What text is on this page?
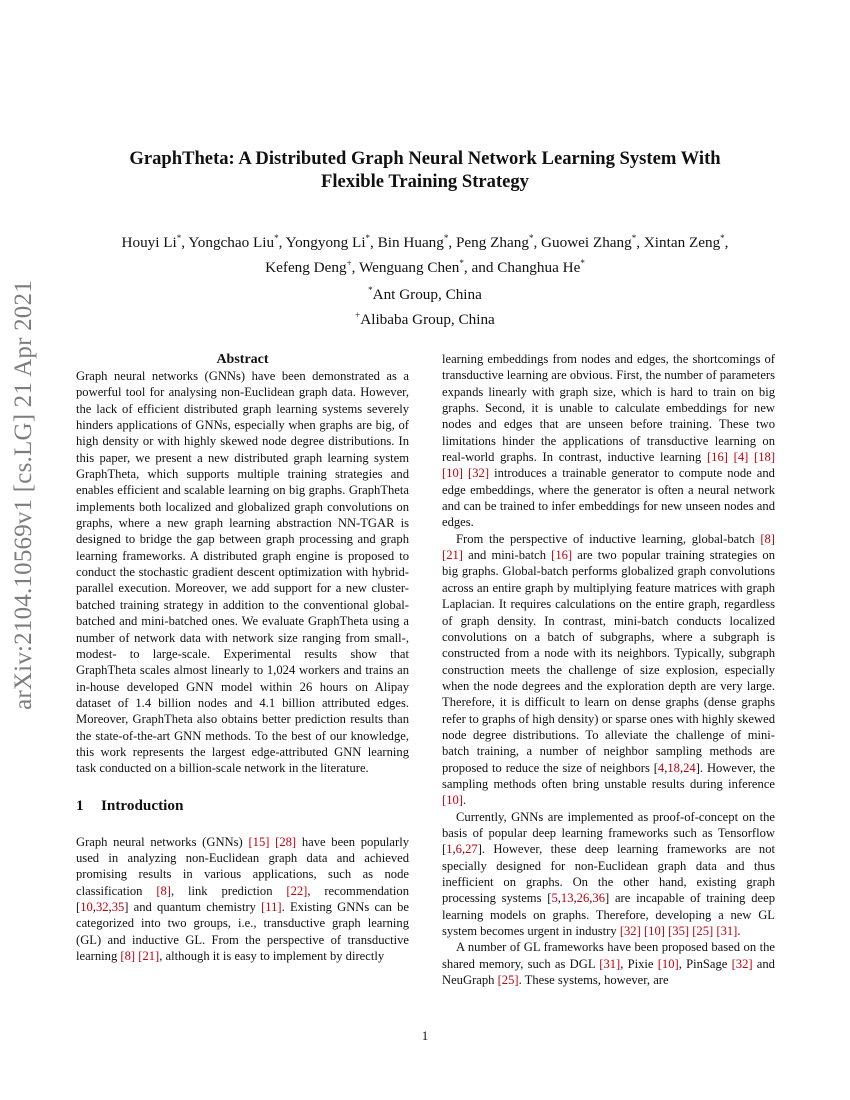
arXiv:2104.10569v1 [cs.LG] 21 Apr 2021
GraphTheta: A Distributed Graph Neural Network Learning System With
Flexible Training Strategy
Houyi Li*, Yongchao Liu*, Yongyong Li*, Bin Huang*, Peng Zhang*, Guowei Zhang*, Xintan Zeng*,
Kefeng Deng+, Wenguang Chen*, and Changhua He*
*Ant Group, China
+Alibaba Group, China
Abstract

Graph neural networks (GNNs) have been demonstrated as a powerful tool for analysing non-Euclidean graph data. However, the lack of efficient distributed graph learning systems severely hinders applications of GNNs, especially when graphs are big, of high density or with highly skewed node degree distributions. In this paper, we present a new distributed graph learning system GraphTheta, which supports multiple training strategies and enables efficient and scalable learning on big graphs. GraphTheta implements both localized and globalized graph convolutions on graphs, where a new graph learning abstraction NN-TGAR is designed to bridge the gap between graph processing and graph learning frameworks. A distributed graph engine is proposed to conduct the stochastic gradient descent optimization with hybrid-parallel execution. Moreover, we add support for a new cluster-batched training strategy in addition to the conventional global-batched and mini-batched ones. We evaluate GraphTheta using a number of network data with network size ranging from small-, modest- to large-scale. Experimental results show that GraphTheta scales almost linearly to 1,024 workers and trains an in-house developed GNN model within 26 hours on Alipay dataset of 1.4 billion nodes and 4.1 billion attributed edges. Moreover, GraphTheta also obtains better prediction results than the state-of-the-art GNN methods. To the best of our knowledge, this work represents the largest edge-attributed GNN learning task conducted on a billion-scale network in the literature.

1 Introduction

Graph neural networks (GNNs) [15] [28] have been popularly used in analyzing non-Euclidean graph data and achieved promising results in various applications, such as node classification [8], link prediction [22], recommendation [10,32,35] and quantum chemistry [11]. Existing GNNs can be categorized into two groups, i.e., transductive graph learning (GL) and inductive GL. From the perspective of transductive learning [8] [21], although it is easy to implement by directly

learning embeddings from nodes and edges, the shortcomings of transductive learning are obvious. First, the number of parameters expands linearly with graph size, which is hard to train on big graphs. Second, it is unable to calculate embeddings for new nodes and edges that are unseen before training. These two limitations hinder the applications of transductive learning on real-world graphs. In contrast, inductive learning [16] [4] [18] [10] [32] introduces a trainable generator to compute node and edge embeddings, where the generator is often a neural network and can be trained to infer embeddings for new unseen nodes and edges.

From the perspective of inductive learning, global-batch [8] [21] and mini-batch [16] are two popular training strategies on big graphs. Global-batch performs globalized graph convolutions across an entire graph by multiplying feature matrices with graph Laplacian. It requires calculations on the entire graph, regardless of graph density. In contrast, mini-batch conducts localized convolutions on a batch of subgraphs, where a subgraph is constructed from a node with its neighbors. Typically, subgraph construction meets the challenge of size explosion, especially when the node degrees and the exploration depth are very large. Therefore, it is difficult to learn on dense graphs (dense graphs refer to graphs of high density) or sparse ones with highly skewed node degree distributions. To alleviate the challenge of mini-batch training, a number of neighbor sampling methods are proposed to reduce the size of neighbors [4,18,24]. However, the sampling methods often bring unstable results during inference [10].

Currently, GNNs are implemented as proof-of-concept on the basis of popular deep learning frameworks such as Tensorflow [1,6,27]. However, these deep learning frameworks are not specially designed for non-Euclidean graph data and thus inefficient on graphs. On the other hand, existing graph processing systems [5,13,26,36] are incapable of training deep learning models on graphs. Therefore, developing a new GL system becomes urgent in industry [32] [10] [35] [25] [31].

A number of GL frameworks have been proposed based on the shared memory, such as DGL [31], Pixie [10], PinSage [32] and NeuGraph [25]. These systems, however, are

1
